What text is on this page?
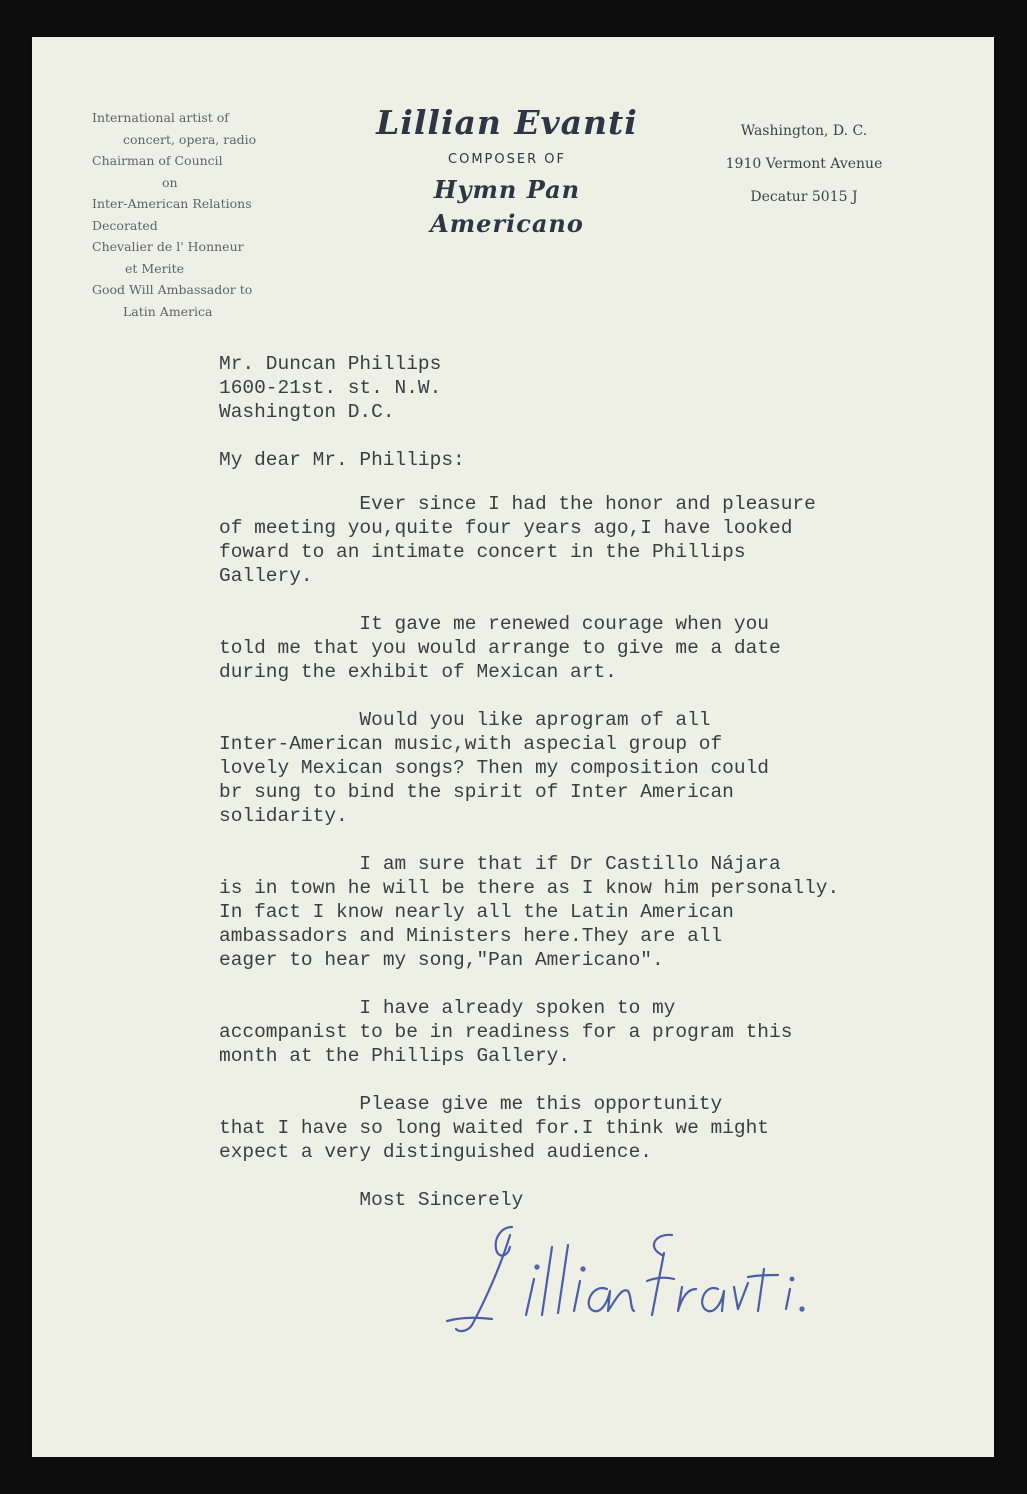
International artist of
concert, opera, radio
Chairman of Council
on
Inter-American Relations
Decorated
Chevalier de l' Honneur
et Merite
Good Will Ambassador to
Latin America
Lillian Evanti
COMPOSER OF
Hymn Pan Americano
Washington, D. C.
1910 Vermont Avenue
Decatur 5015 J
Mr. Duncan Phillips
1600-21st. st. N.W.
Washington D.C.
My dear Mr. Phillips:
Ever since I had the honor and pleasure
of meeting you,quite four years ago,I have looked
foward to an intimate concert in the Phillips
Gallery.
It gave me renewed courage when you
told me that you would arrange to give me a date
during the exhibit of Mexican art.
Would you like aprogram of all
Inter-American music,with aspecial group of
lovely Mexican songs? Then my composition could
br sung to bind the spirit of Inter American
solidarity.
I am sure that if Dr Castillo Nájara
is in town he will be there as I know him personally.
In fact I know nearly all the Latin American
ambassadors and Ministers here.They are all
eager to hear my song,"Pan Americano".
I have already spoken to my
accompanist to be in readiness for a program this
month at the Phillips Gallery.
Please give me this opportunity
that I have so long waited for.I think we might
expect a very distinguished audience.
Most Sincerely
